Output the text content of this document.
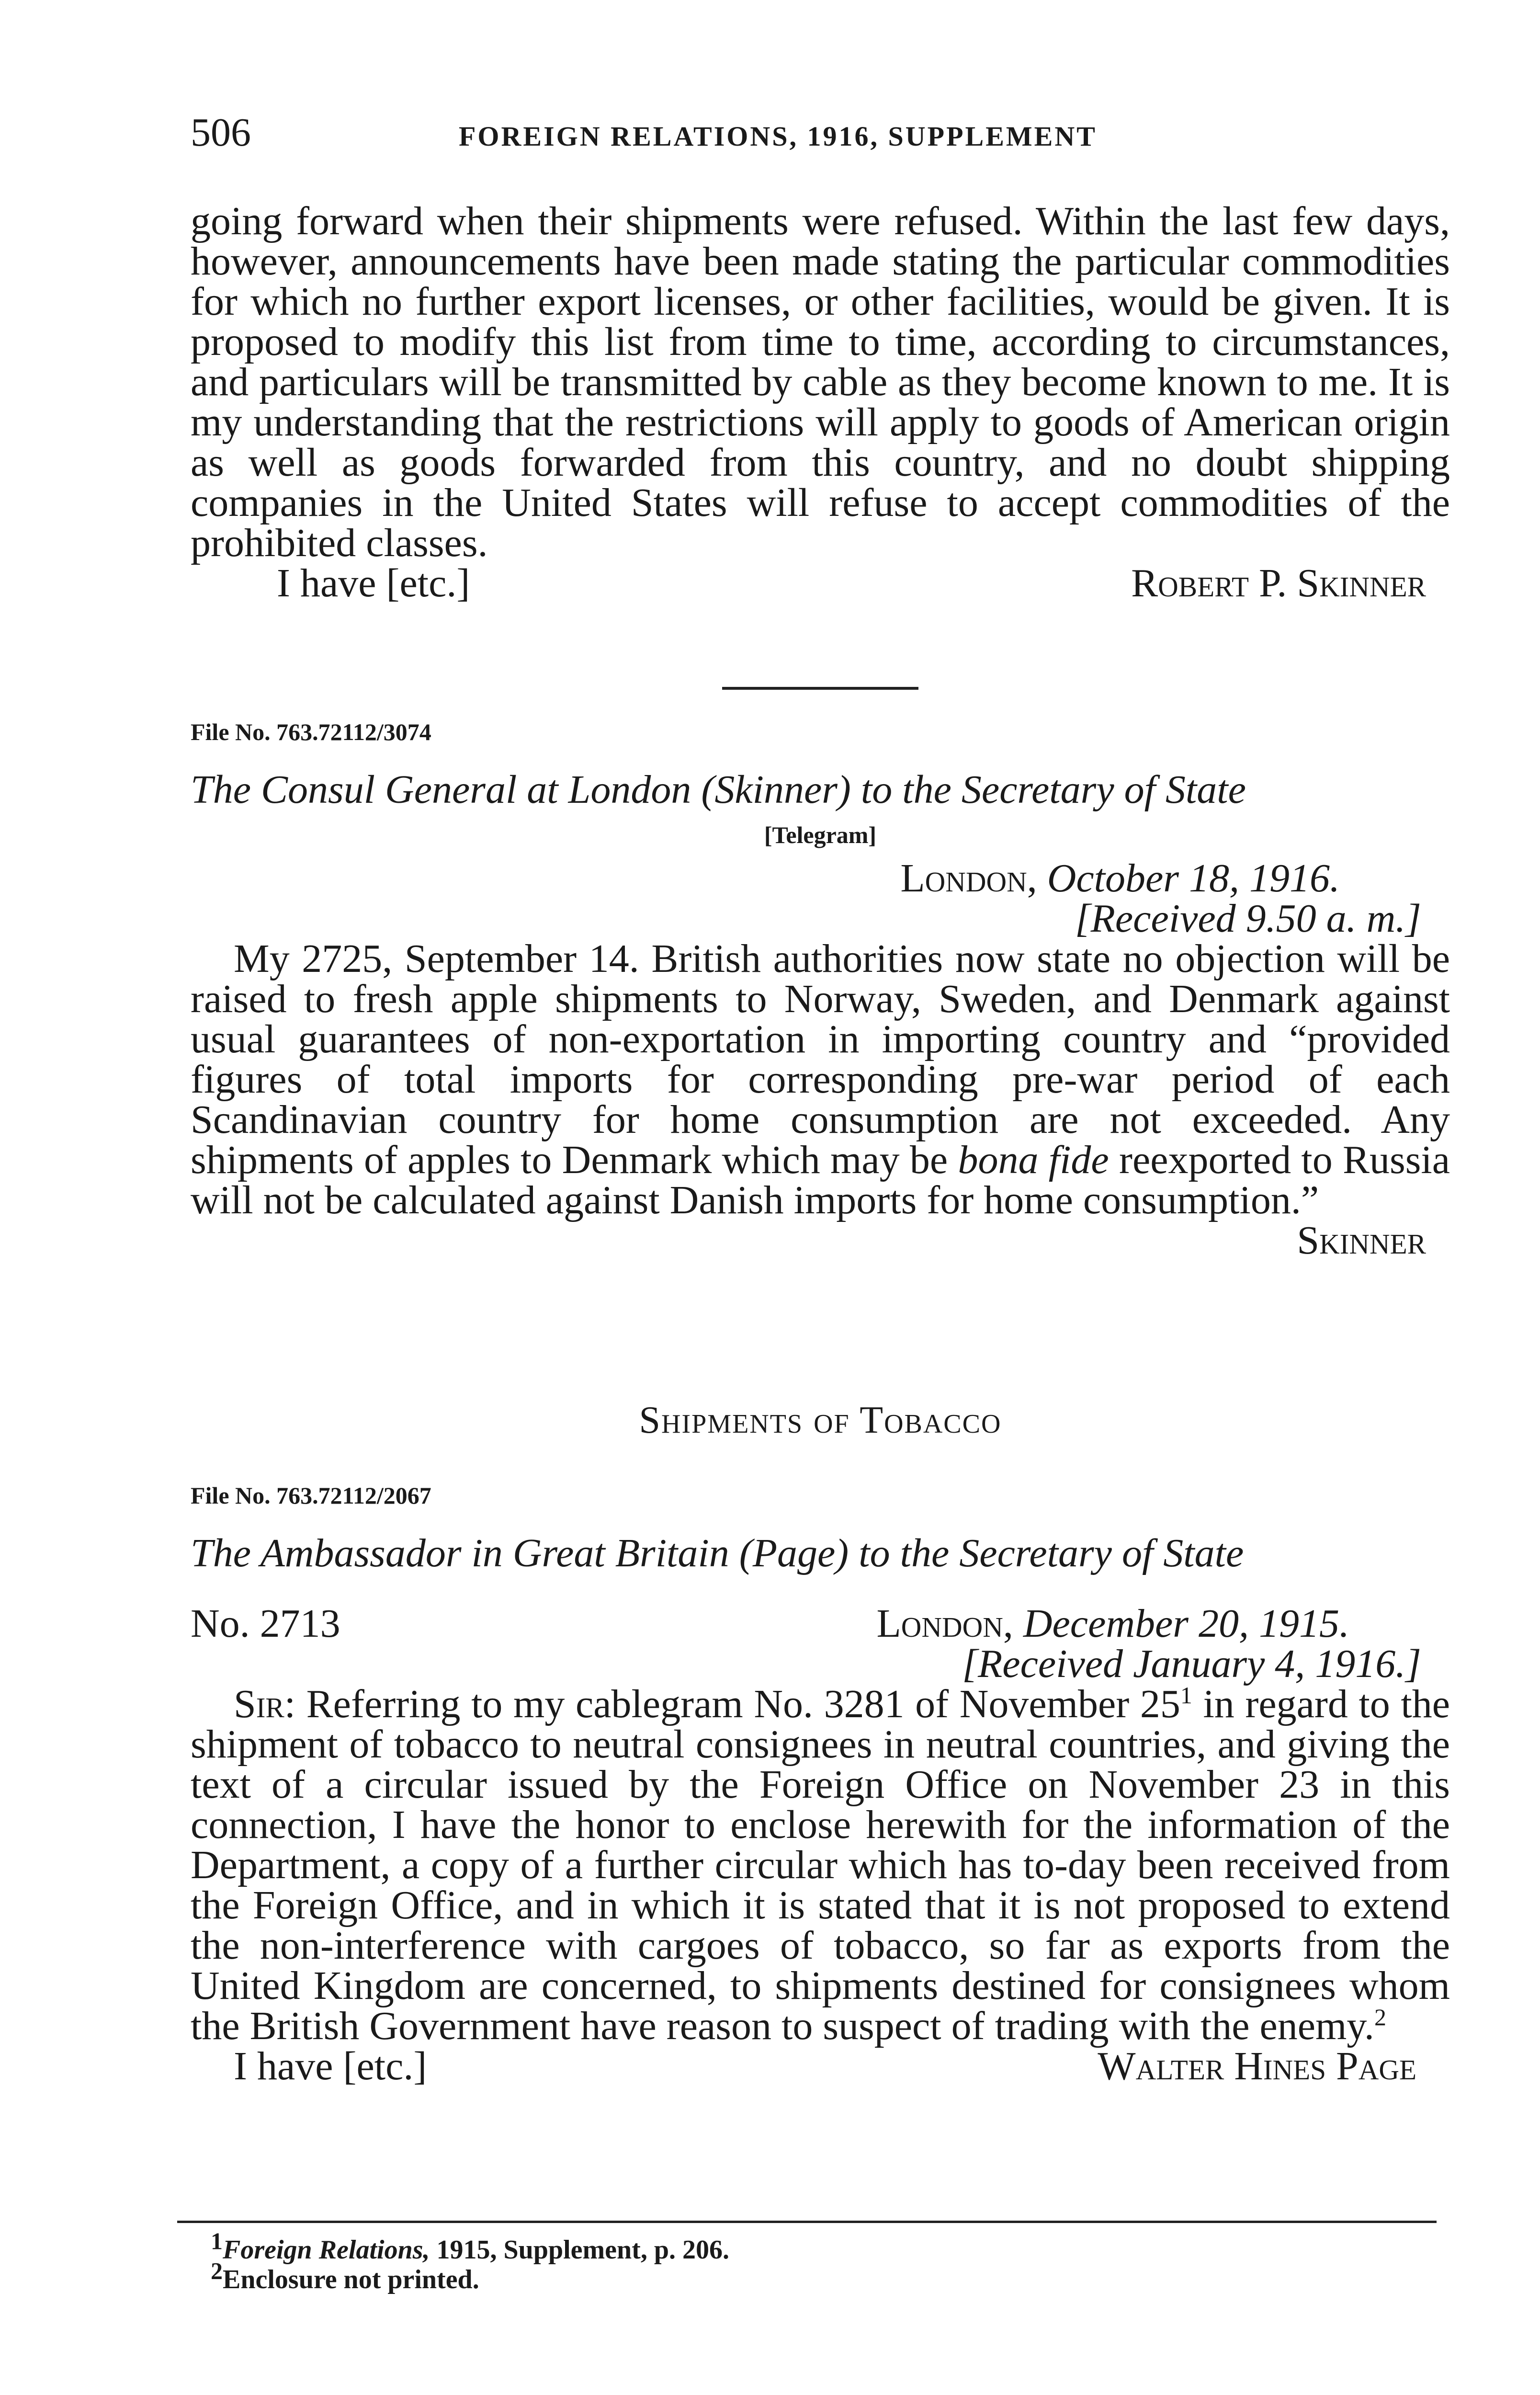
506	FOREIGN RELATIONS, 1916, SUPPLEMENT

going forward when their shipments were refused. Within the last few days, however, announcements have been made stating the particular commodities for which no further export licenses, or other facilities, would be given. It is proposed to modify this list from time to time, according to circumstances, and particulars will be transmitted by cable as they become known to me. It is my understanding that the restrictions will apply to goods of American origin as well as goods forwarded from this country, and no doubt shipping companies in the United States will refuse to accept commodities of the prohibited classes.

I have [etc.]	Robert P. Skinner
File No. 763.72112/3074
The Consul General at London (Skinner) to the Secretary of State
[Telegram]
London, October 18, 1916.
[Received 9.50 a. m.]

My 2725, September 14. British authorities now state no objection will be raised to fresh apple shipments to Norway, Sweden, and Denmark against usual guarantees of non-exportation in importing country and “provided figures of total imports for corresponding pre-war period of each Scandinavian country for home consumption are not exceeded. Any shipments of apples to Denmark which may be bona fide reexported to Russia will not be calculated against Danish imports for home consumption.”

Skinner
Shipments of Tobacco
File No. 763.72112/2067
The Ambassador in Great Britain (Page) to the Secretary of State
No. 2713	London, December 20, 1915.
[Received January 4, 1916.]

Sir: Referring to my cablegram No. 3281 of November $25^1$ in regard to the shipment of tobacco to neutral consignees in neutral countries, and giving the text of a circular issued by the Foreign Office on November 23 in this connection, I have the honor to enclose herewith for the information of the Department, a copy of a further circular which has to-day been received from the Foreign Office, and in which it is stated that it is not proposed to extend the non-interference with cargoes of tobacco, so far as exports from the United Kingdom are concerned, to shipments destined for consignees whom the British Government have reason to suspect of trading with the enemy.$^2$

I have [etc.]	Walter Hines Page
$^1$Foreign Relations, 1915, Supplement, p. 206.
$^2$Enclosure not printed.
